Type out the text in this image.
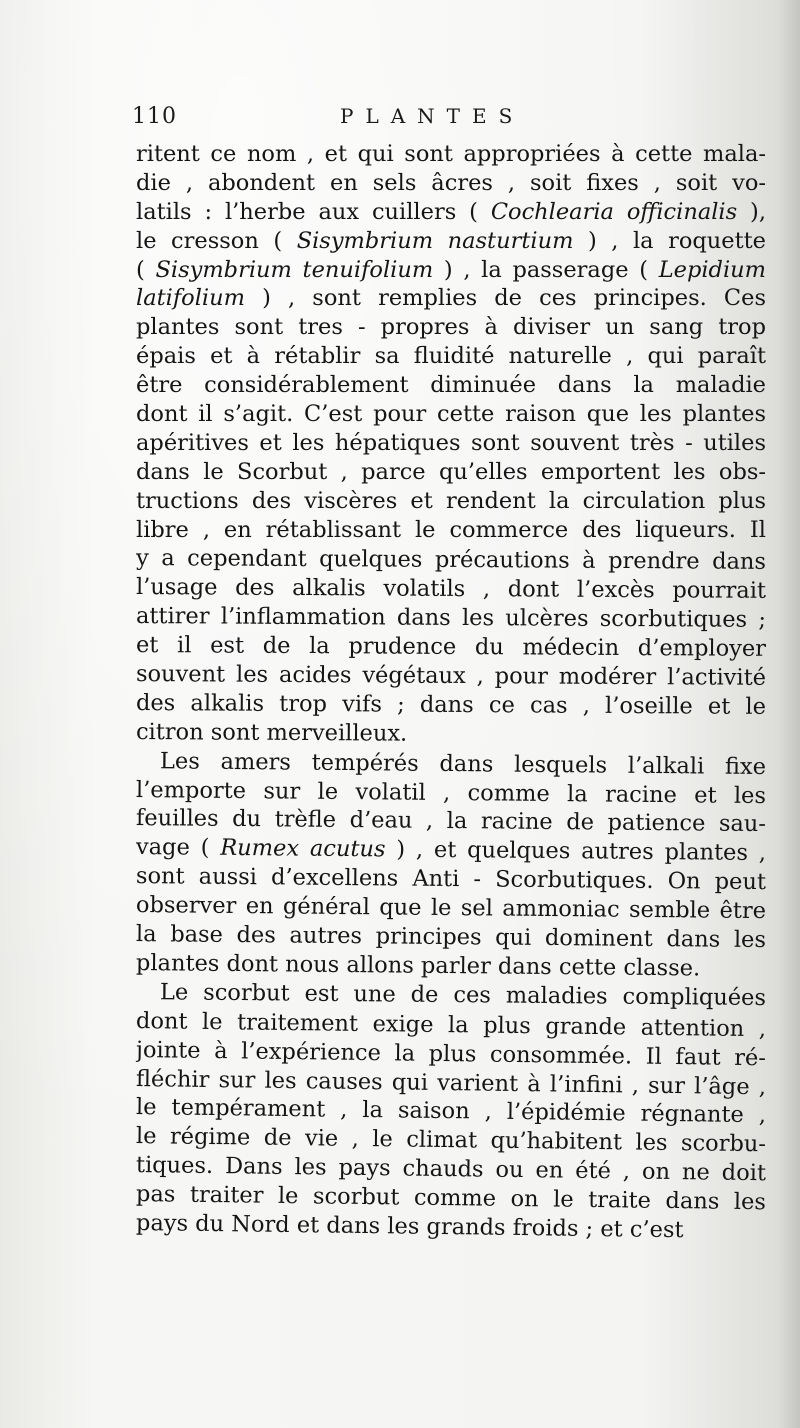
110	PLANTES
ritent ce nom , et qui sont appropriées à cette mala-
die , abondent en sels âcres , soit fixes , soit vo-
latils : l’herbe aux cuillers ( Cochlearia officinalis ),
le cresson ( Sisymbrium nasturtium ) , la roquette
( Sisymbrium tenuifolium ) , la passerage ( Lepidium
latifolium ) , sont remplies de ces principes. Ces
plantes sont tres - propres à diviser un sang trop
épais et à rétablir sa fluidité naturelle , qui paraît
être considérablement diminuée dans la maladie
dont il s’agit. C’est pour cette raison que les plantes
apéritives et les hépatiques sont souvent très - utiles
dans le Scorbut , parce qu’elles emportent les obs-
tructions des viscères et rendent la circulation plus
libre , en rétablissant le commerce des liqueurs. Il
y a cependant quelques précautions à prendre dans
l’usage des alkalis volatils , dont l’excès pourrait
attirer l’inflammation dans les ulcères scorbutiques ;
et il est de la prudence du médecin d’employer
souvent les acides végétaux , pour modérer l’activité
des alkalis trop vifs ; dans ce cas , l’oseille et le
citron sont merveilleux.
Les amers tempérés dans lesquels l’alkali fixe
l’emporte sur le volatil , comme la racine et les
feuilles du trèfle d’eau , la racine de patience sau-
vage ( Rumex acutus ) , et quelques autres plantes ,
sont aussi d’excellens Anti - Scorbutiques. On peut
observer en général que le sel ammoniac semble être
la base des autres principes qui dominent dans les
plantes dont nous allons parler dans cette classe.
Le scorbut est une de ces maladies compliquées
dont le traitement exige la plus grande attention ,
jointe à l’expérience la plus consommée. Il faut ré-
fléchir sur les causes qui varient à l’infini , sur l’âge ,
le tempérament , la saison , l’épidémie régnante ,
le régime de vie , le climat qu’habitent les scorbu-
tiques. Dans les pays chauds ou en été , on ne doit
pas traiter le scorbut comme on le traite dans les
pays du Nord et dans les grands froids ; et c’est
